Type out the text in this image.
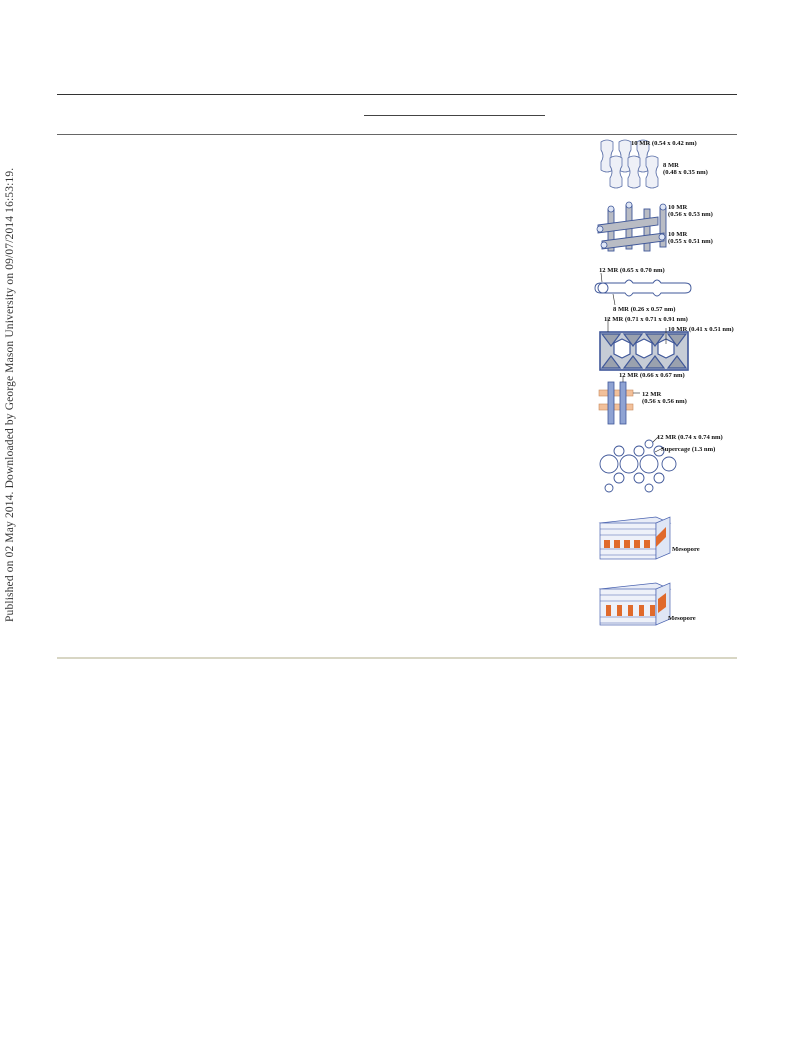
Published on 02 May 2014. Downloaded by George Mason University on 09/07/2014 16:53:19.
10 MR (0.54 x 0.42 nm)
8 MR
(0.48 x 0.35 nm)
10 MR
(0.56 x 0.53 nm)
10 MR
(0.55 x 0.51 nm)
12 MR (0.65 x 0.70 nm)
8 MR (0.26 x 0.57 nm)
12 MR (0.71 x 0.71 x 0.91 nm)
10 MR (0.41 x 0.51 nm)
12 MR (0.66 x 0.67 nm)
12 MR
(0.56 x 0.56 nm)
12 MR (0.74 x 0.74 nm)
Supercage (1.3 nm)
Mesopore
Mesopore
